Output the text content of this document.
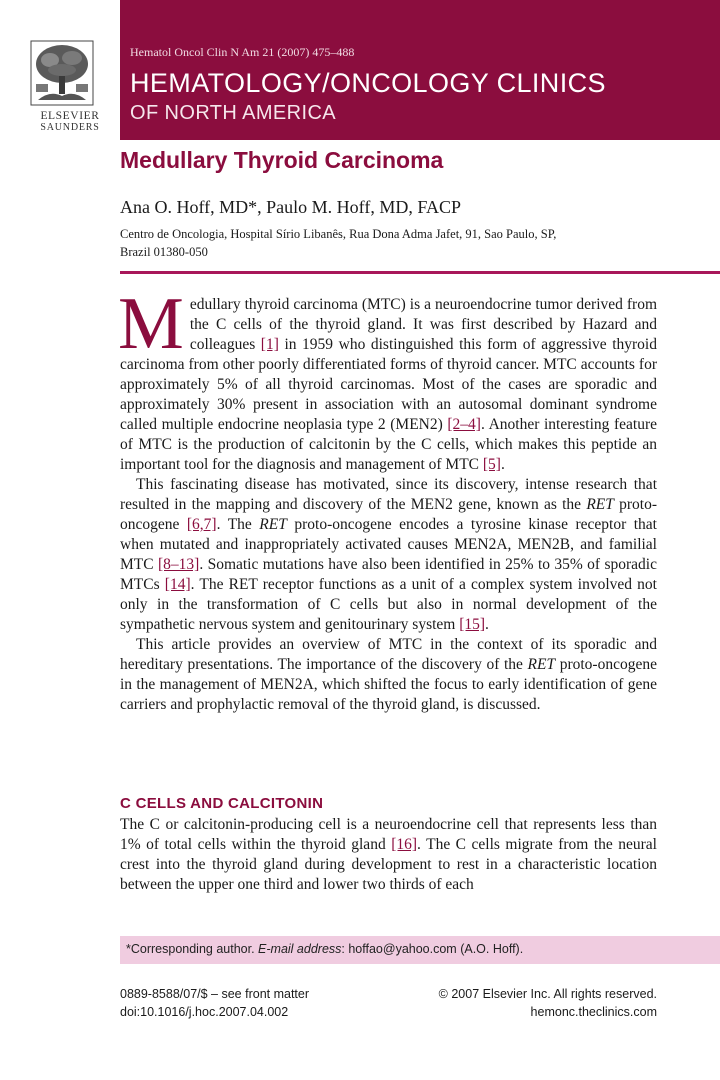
ELSEVIER
SAUNDERS
Hematol Oncol Clin N Am 21 (2007) 475–488
HEMATOLOGY/ONCOLOGY CLINICS
OF NORTH AMERICA
Medullary Thyroid Carcinoma
Ana O. Hoff, MD*, Paulo M. Hoff, MD, FACP
Centro de Oncologia, Hospital Sírio Libanês, Rua Dona Adma Jafet, 91, Sao Paulo, SP,
Brazil 01380-050

Medullary thyroid carcinoma (MTC) is a neuroendocrine tumor derived from the C cells of the thyroid gland. It was first described by Hazard and colleagues [1] in 1959 who distinguished this form of aggressive thyroid carcinoma from other poorly differentiated forms of thyroid cancer. MTC accounts for approximately 5% of all thyroid carcinomas. Most of the cases are sporadic and approximately 30% present in association with an autosomal dominant syndrome called multiple endocrine neoplasia type 2 (MEN2) [2–4]. Another interesting feature of MTC is the production of calcitonin by the C cells, which makes this peptide an important tool for the diagnosis and management of MTC [5].

This fascinating disease has motivated, since its discovery, intense research that resulted in the mapping and discovery of the MEN2 gene, known as the RET proto-oncogene [6,7]. The RET proto-oncogene encodes a tyrosine kinase receptor that when mutated and inappropriately activated causes MEN2A, MEN2B, and familial MTC [8–13]. Somatic mutations have also been identified in 25% to 35% of sporadic MTCs [14]. The RET receptor functions as a unit of a complex system involved not only in the transformation of C cells but also in normal development of the sympathetic nervous system and genitourinary system [15].

This article provides an overview of MTC in the context of its sporadic and hereditary presentations. The importance of the discovery of the RET proto-oncogene in the management of MEN2A, which shifted the focus to early identification of gene carriers and prophylactic removal of the thyroid gland, is discussed.

C CELLS AND CALCITONIN

The C or calcitonin-producing cell is a neuroendocrine cell that represents less than 1% of total cells within the thyroid gland [16]. The C cells migrate from the neural crest into the thyroid gland during development to rest in a characteristic location between the upper one third and lower two thirds of each

*Corresponding author. E-mail address: hoffao@yahoo.com (A.O. Hoff).
0889-8588/07/$ – see front matter
doi:10.1016/j.hoc.2007.04.002
© 2007 Elsevier Inc. All rights reserved.
hemonc.theclinics.com
